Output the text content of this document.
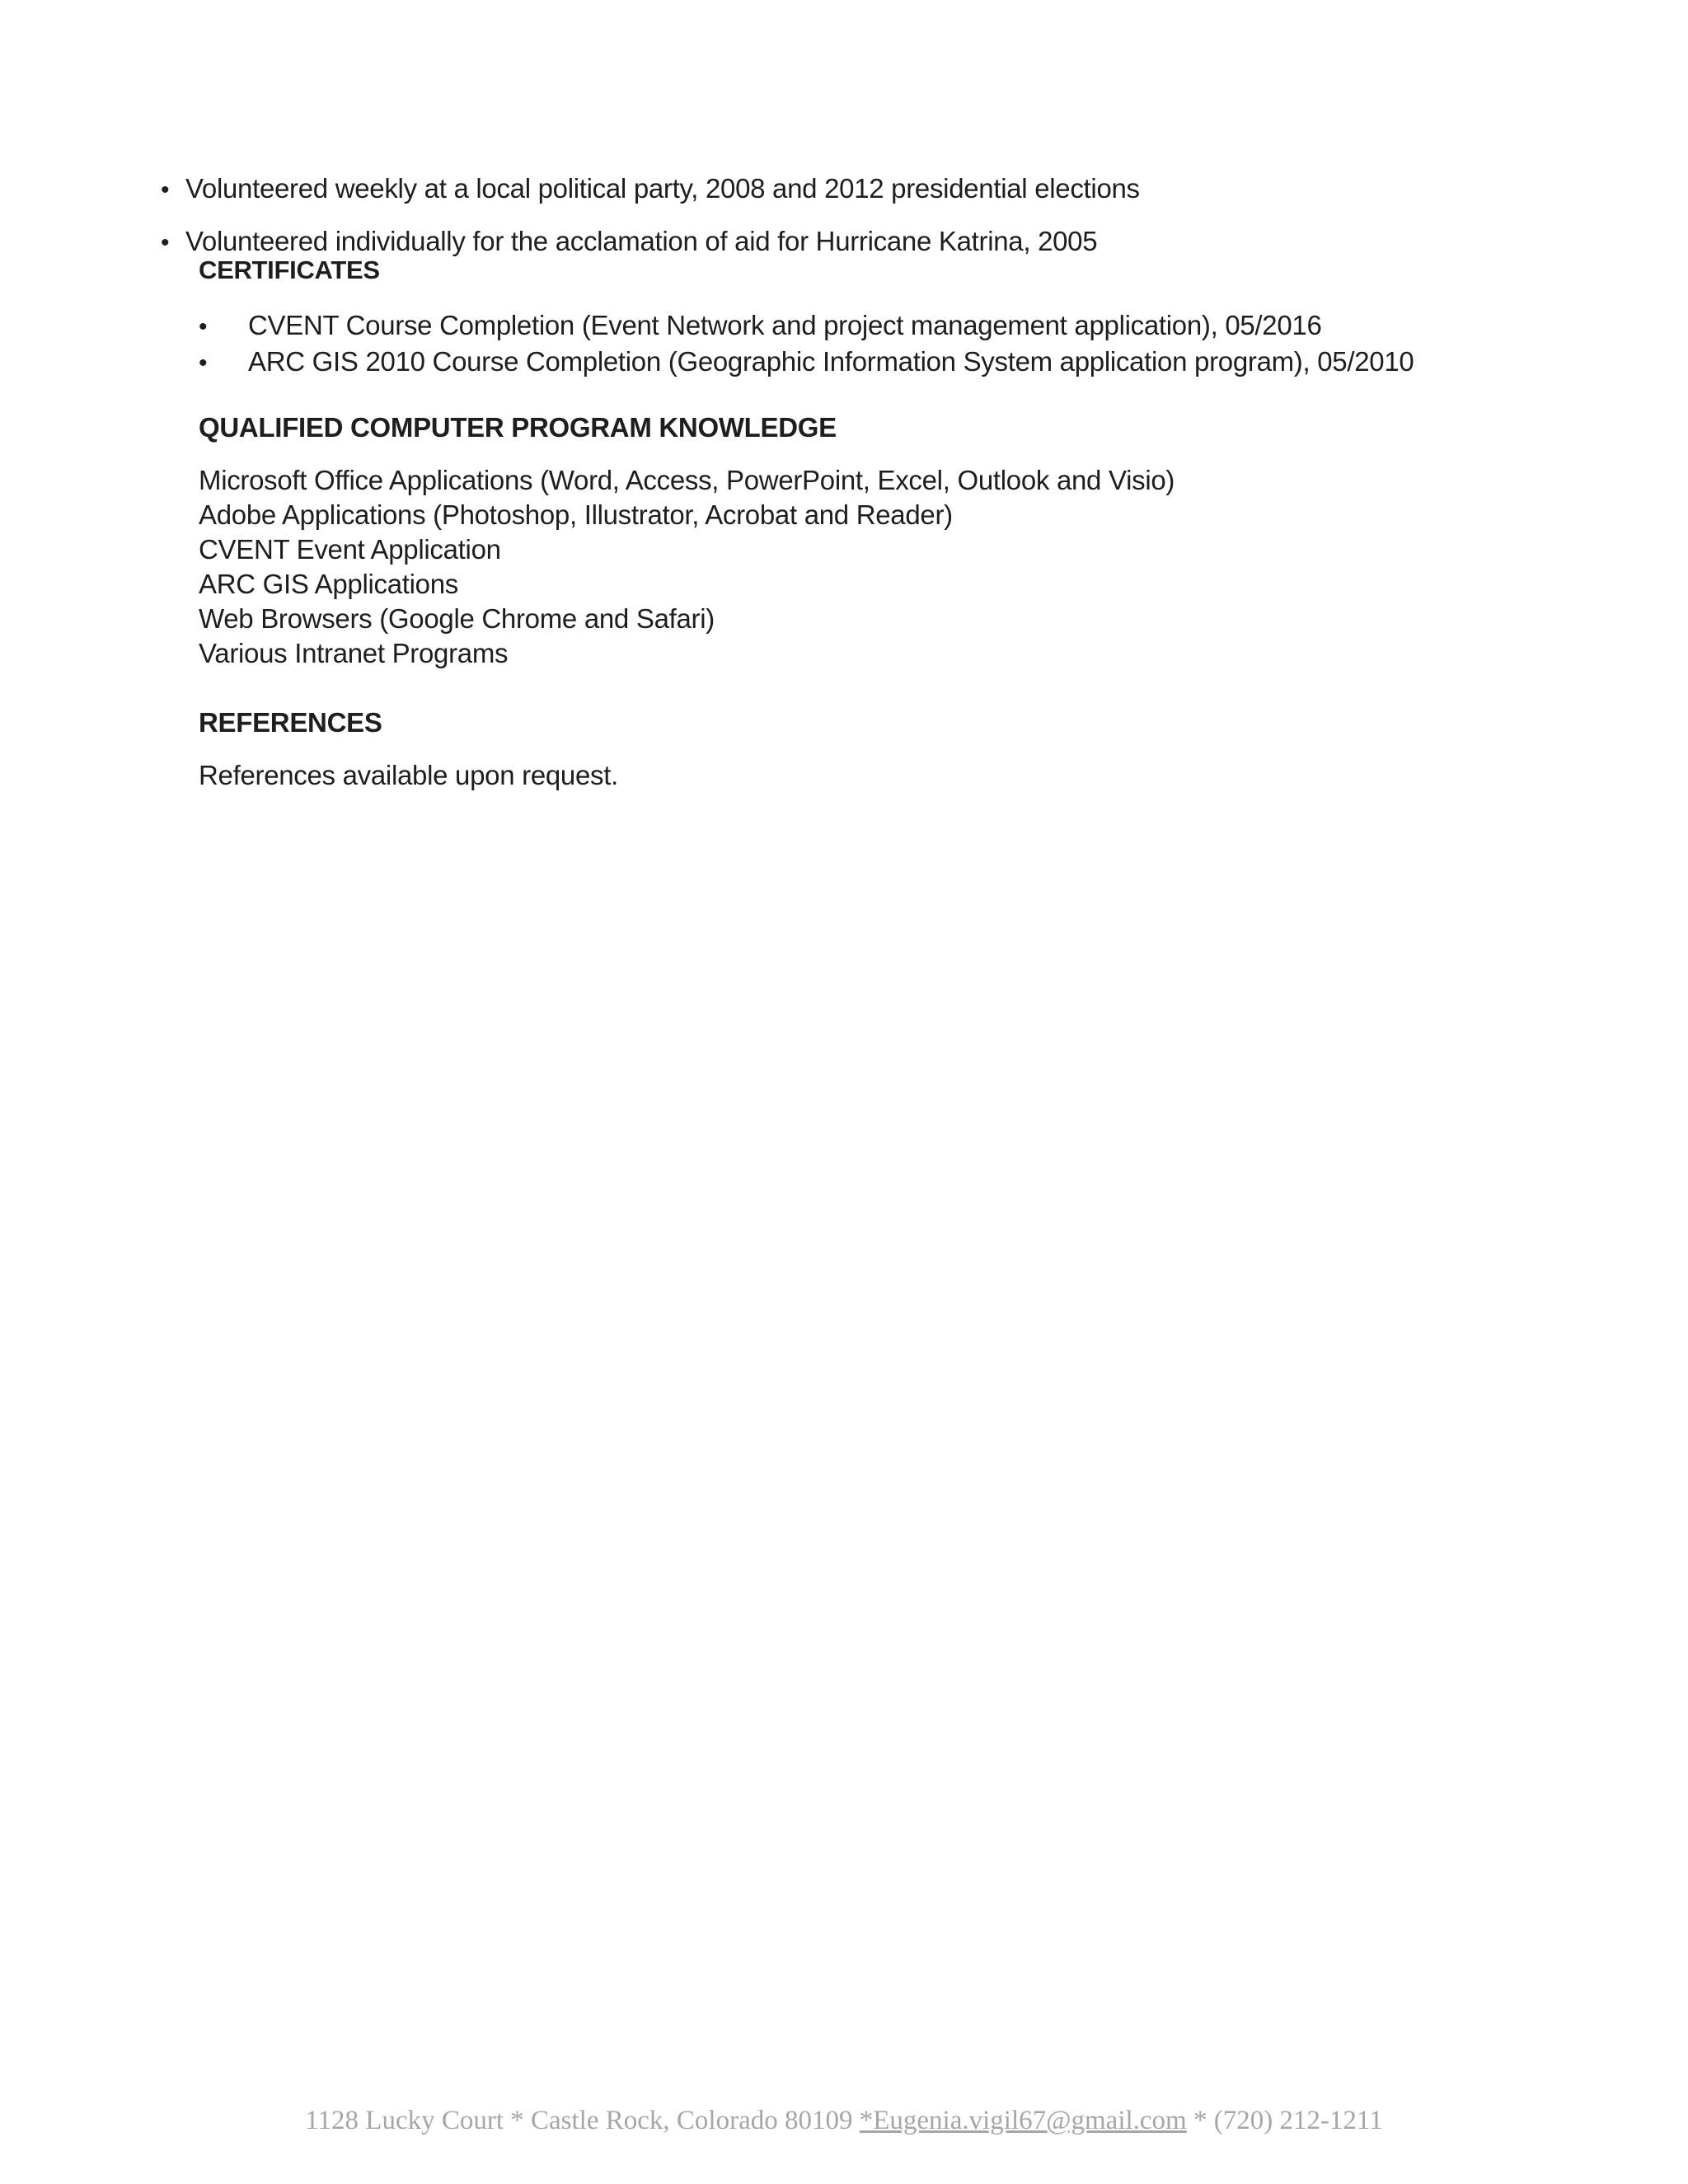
• Volunteered weekly at a local political party, 2008 and 2012 presidential elections
• Volunteered individually for the acclamation of aid for Hurricane Katrina, 2005
CERTIFICATES
•	CVENT Course Completion (Event Network and project management application), 05/2016
•	ARC GIS 2010 Course Completion (Geographic Information System application program), 05/2010
QUALIFIED COMPUTER PROGRAM KNOWLEDGE
Microsoft Office Applications (Word, Access, PowerPoint, Excel, Outlook and Visio)
Adobe Applications (Photoshop, Illustrator, Acrobat and Reader)
CVENT Event Application
ARC GIS Applications
Web Browsers (Google Chrome and Safari)
Various Intranet Programs
REFERENCES
References available upon request.
1128 Lucky Court * Castle Rock, Colorado 80109 *Eugenia.vigil67@gmail.com * (720) 212-1211
